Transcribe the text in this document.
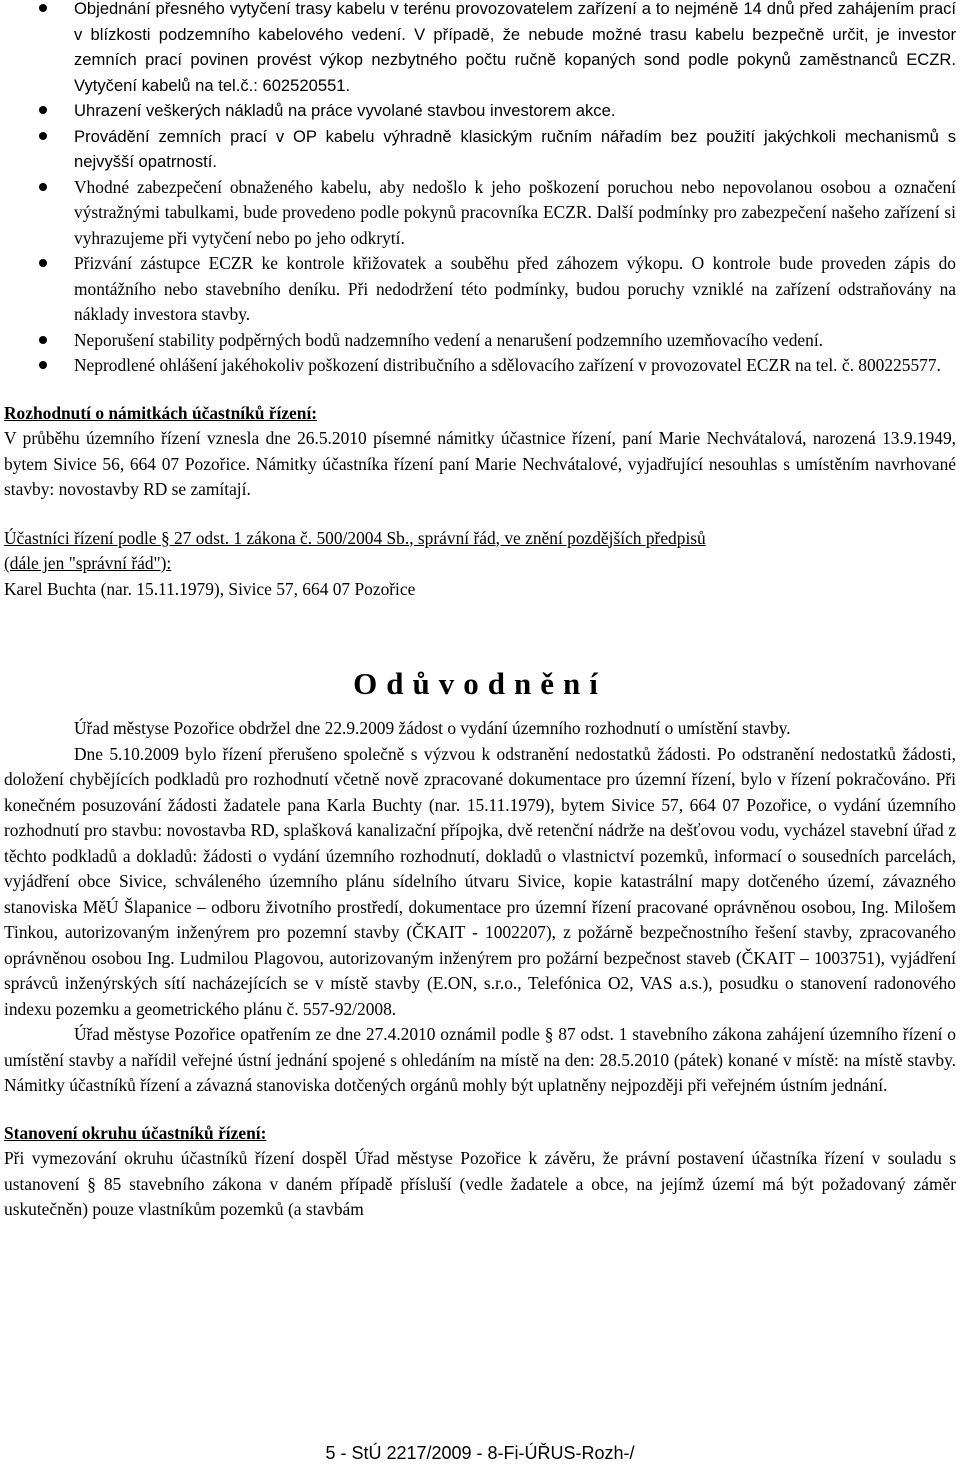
Objednání přesného vytyčení trasy kabelu v terénu provozovatelem zařízení a to nejméně 14 dnů před zahájením prací v blízkosti podzemního kabelového vedení. V případě, že nebude možné trasu kabelu bezpečně určit, je investor zemních prací povinen provést výkop nezbytného počtu ručně kopaných sond podle pokynů zaměstnanců ECZR. Vytyčení kabelů na tel.č.: 602520551.
Uhrazení veškerých nákladů na práce vyvolané stavbou investorem akce.
Provádění zemních prací v OP kabelu výhradně klasickým ručním nářadím bez použití jakýchkoli mechanismů s nejvyšší opatrností.
Vhodné zabezpečení obnaženého kabelu, aby nedošlo k jeho poškození poruchou nebo nepovolanou osobou a označení výstražnými tabulkami, bude provedeno podle pokynů pracovníka ECZR. Další podmínky pro zabezpečení našeho zařízení si vyhrazujeme při vytyčení nebo po jeho odkrytí.
Přizvání zástupce ECZR ke kontrole křižovatek a souběhu před záhozem výkopu. O kontrole bude proveden zápis do montážního nebo stavebního deníku. Při nedodržení této podmínky, budou poruchy vzniklé na zařízení odstraňovány na náklady investora stavby.
Neporušení stability podpěrných bodů nadzemního vedení a nenarušení podzemního uzemňovacího vedení.
Neprodlené ohlášení jakéhokoliv poškození distribučního a sdělovacího zařízení v provozovatel ECZR na tel. č. 800225577.

Rozhodnutí o námitkách účastníků řízení:

V průběhu územního řízení vznesla dne 26.5.2010 písemné námitky účastnice řízení, paní Marie Nechvátalová, narozená 13.9.1949, bytem Sivice 56, 664 07 Pozořice. Námitky účastníka řízení paní Marie Nechvátalové, vyjadřující nesouhlas s umístěním navrhované stavby: novostavby RD se zamítají.

Účastníci řízení podle § 27 odst. 1 zákona č. 500/2004 Sb., správní řád, ve znění pozdějších předpisů

(dále jen "správní řád"):

Karel Buchta (nar. 15.11.1979), Sivice 57, 664 07 Pozořice

Odůvodnění

Úřad městyse Pozořice obdržel dne 22.9.2009 žádost o vydání územního rozhodnutí o umístění stavby.

Dne 5.10.2009 bylo řízení přerušeno společně s výzvou k odstranění nedostatků žádosti. Po odstranění nedostatků žádosti, doložení chybějících podkladů pro rozhodnutí včetně nově zpracované dokumentace pro územní řízení, bylo v řízení pokračováno. Při konečném posuzování žádosti žadatele pana Karla Buchty (nar. 15.11.1979), bytem Sivice 57, 664 07 Pozořice, o vydání územního rozhodnutí pro stavbu: novostavba RD, splašková kanalizační přípojka, dvě retenční nádrže na dešťovou vodu, vycházel stavební úřad z těchto podkladů a dokladů: žádosti o vydání územního rozhodnutí, dokladů o vlastnictví pozemků, informací o sousedních parcelách, vyjádření obce Sivice, schváleného územního plánu sídelního útvaru Sivice, kopie katastrální mapy dotčeného území, závazného stanoviska MěÚ Šlapanice – odboru životního prostředí, dokumentace pro územní řízení pracované oprávněnou osobou, Ing. Milošem Tinkou, autorizovaným inženýrem pro pozemní stavby (ČKAIT - 1002207), z požárně bezpečnostního řešení stavby, zpracovaného oprávněnou osobou Ing. Ludmilou Plagovou, autorizovaným inženýrem pro požární bezpečnost staveb (ČKAIT – 1003751), vyjádření správců inženýrských sítí nacházejících se v místě stavby (E.ON, s.r.o., Telefónica O2, VAS a.s.), posudku o stanovení radonového indexu pozemku a geometrického plánu č. 557-92/2008.

Úřad městyse Pozořice opatřením ze dne 27.4.2010 oznámil podle § 87 odst. 1 stavebního zákona zahájení územního řízení o umístění stavby a nařídil veřejné ústní jednání spojené s ohledáním na místě na den: 28.5.2010 (pátek) konané v místě: na místě stavby. Námitky účastníků řízení a závazná stanoviska dotčených orgánů mohly být uplatněny nejpozději při veřejném ústním jednání.

Stanovení okruhu účastníků řízení:

Při vymezování okruhu účastníků řízení dospěl Úřad městyse Pozořice k závěru, že právní postavení účastníka řízení v souladu s ustanovení § 85 stavebního zákona v daném případě přísluší (vedle žadatele a obce, na jejímž území má být požadovaný záměr uskutečněn) pouze vlastníkům pozemků (a stavbám

5 - StÚ 2217/2009 - 8-Fi-ÚŘUS-Rozh-/
